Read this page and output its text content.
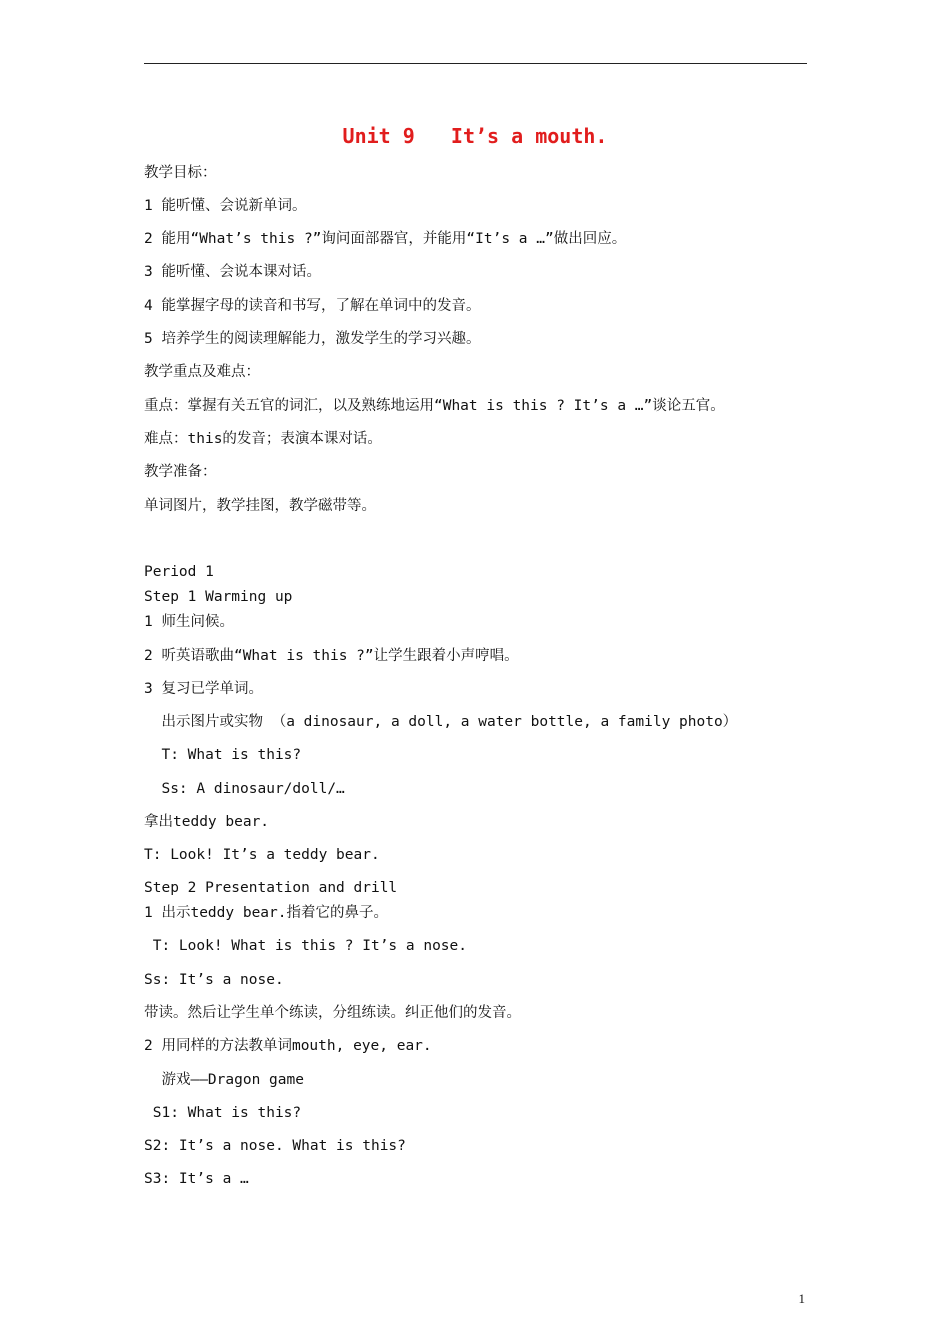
Unit 9   It’s a mouth.
教学目标：
1 能听懂、会说新单词。
2 能用“What’s this ?”询问面部器官，并能用“It’s a …”做出回应。
3 能听懂、会说本课对话。
4 能掌握字母的读音和书写，了解在单词中的发音。
5 培养学生的阅读理解能力，激发学生的学习兴趣。
教学重点及难点：
重点：掌握有关五官的词汇，以及熟练地运用“What is this ? It’s a …”谈论五官。
难点：this的发音；表演本课对话。
教学准备：
单词图片，教学挂图，教学磁带等。
Period 1
Step 1 Warming up
1 师生问候。
2 听英语歌曲“What is this ?”让学生跟着小声哼唱。
3 复习已学单词。
出示图片或实物 （a dinosaur, a doll, a water bottle, a family photo）
T: What is this?
Ss: A dinosaur/doll/…
拿出teddy bear.
T: Look! It’s a teddy bear.
Step 2 Presentation and drill
1 出示teddy bear.指着它的鼻子。
T: Look! What is this ? It’s a nose.
Ss: It’s a nose.
带读。然后让学生单个练读，分组练读。纠正他们的发音。
2 用同样的方法教单词mouth, eye, ear.
游戏——Dragon game
S1: What is this?
S2: It’s a nose. What is this?
S3: It’s a …
1
